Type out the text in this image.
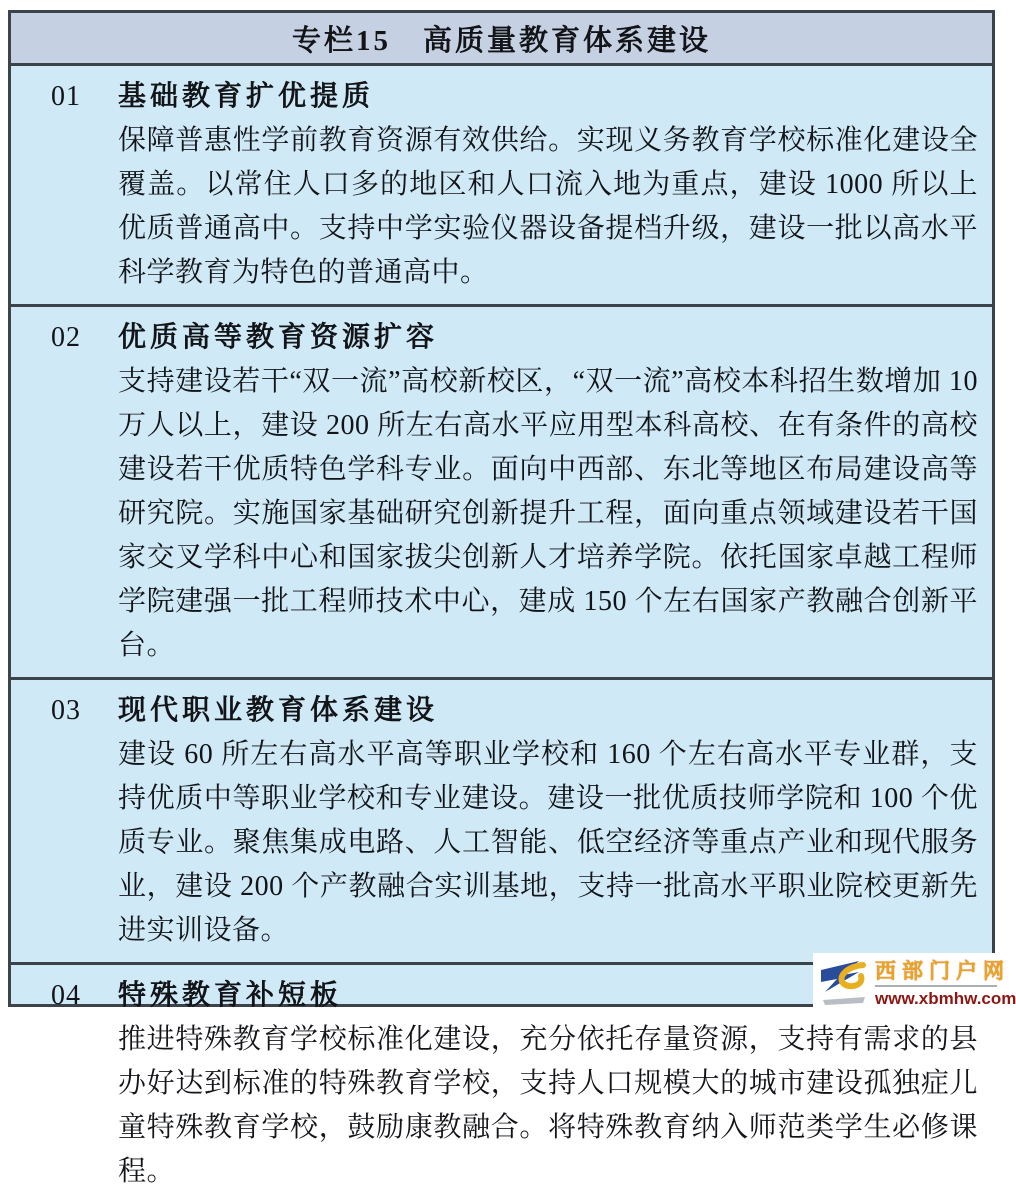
专栏15　高质量教育体系建设
01	基础教育扩优提质
保障普惠性学前教育资源有效供给。实现义务教育学校标准化建设全覆盖。以常住人口多的地区和人口流入地为重点，建设 1000 所以上优质普通高中。支持中学实验仪器设备提档升级，建设一批以高水平科学教育为特色的普通高中。
02	优质高等教育资源扩容
支持建设若干“双一流”高校新校区，“双一流”高校本科招生数增加 10 万人以上，建设 200 所左右高水平应用型本科高校、在有条件的高校建设若干优质特色学科专业。面向中西部、东北等地区布局建设高等研究院。实施国家基础研究创新提升工程，面向重点领域建设若干国家交叉学科中心和国家拔尖创新人才培养学院。依托国家卓越工程师学院建强一批工程师技术中心，建成 150 个左右国家产教融合创新平台。
03	现代职业教育体系建设
建设 60 所左右高水平高等职业学校和 160 个左右高水平专业群，支持优质中等职业学校和专业建设。建设一批优质技师学院和 100 个优质专业。聚焦集成电路、人工智能、低空经济等重点产业和现代服务业，建设 200 个产教融合实训基地，支持一批高水平职业院校更新先进实训设备。
04	特殊教育补短板
推进特殊教育学校标准化建设，充分依托存量资源，支持有需求的县办好达到标准的特殊教育学校，支持人口规模大的城市建设孤独症儿童特殊教育学校，鼓励康教融合。将特殊教育纳入师范类学生必修课程。
西部门户网
www.xbmhw.com
